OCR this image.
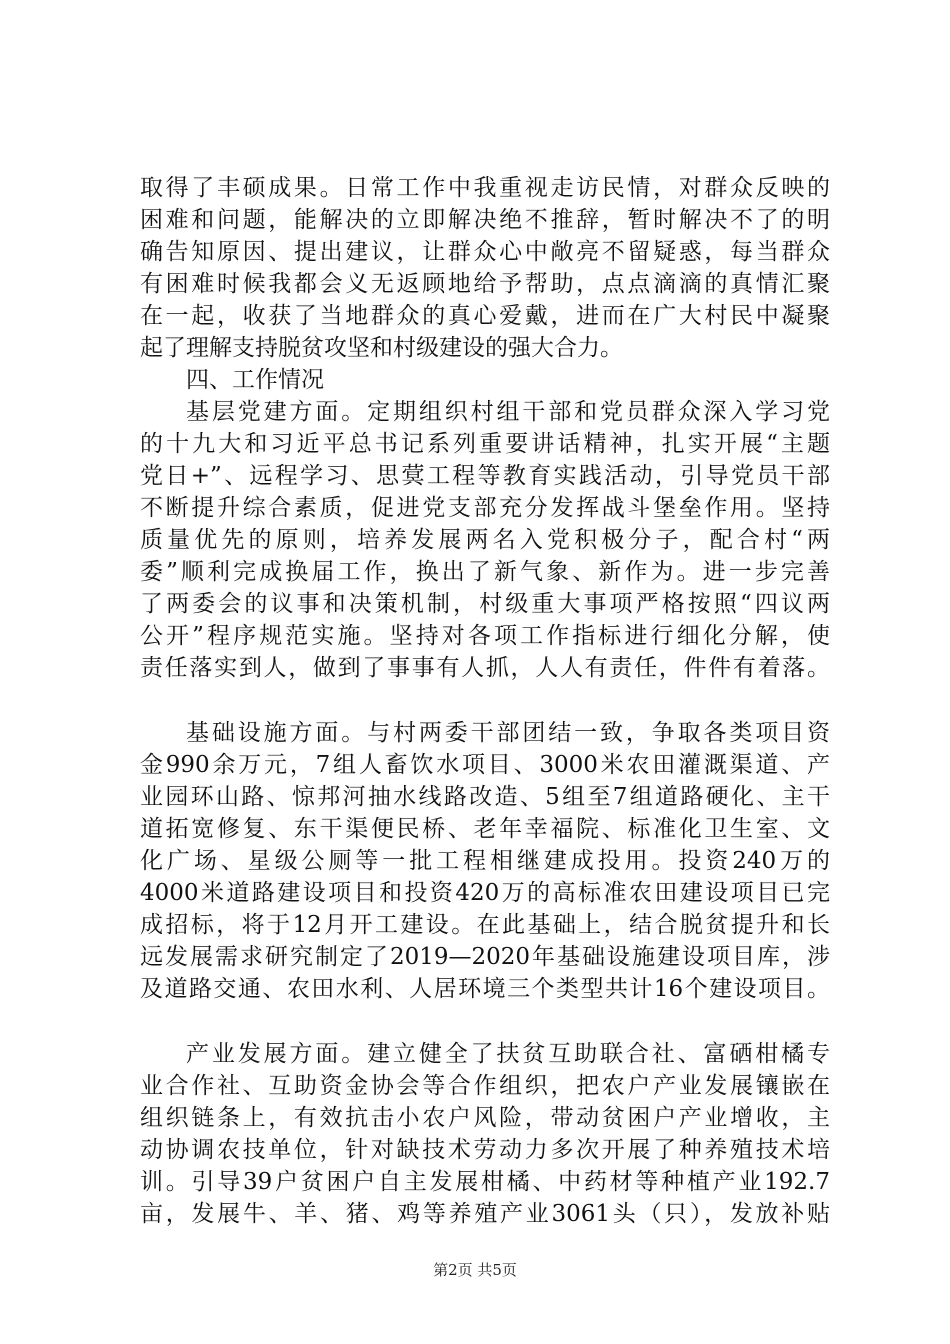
取得了丰硕成果。日常工作中我重视走访民情，对群众反映的
困难和问题，能解决的立即解决绝不推辞，暂时解决不了的明
确告知原因、提出建议，让群众心中敞亮不留疑惑，每当群众
有困难时候我都会义无返顾地给予帮助，点点滴滴的真情汇聚
在一起，收获了当地群众的真心爱戴，进而在广大村民中凝聚
起了理解支持脱贫攻坚和村级建设的强大合力。
四、工作情况
基层党建方面。定期组织村组干部和党员群众深入学习党
的十九大和习近平总书记系列重要讲话精神，扎实开展“主题
党日+”、远程学习、思蓂工程等教育实践活动，引导党员干部
不断提升综合素质，促进党支部充分发挥战斗堡垒作用。坚持
质量优先的原则，培养发展两名入党积极分子，配合村“两
委”顺利完成换届工作，换出了新气象、新作为。进一步完善
了两委会的议事和决策机制，村级重大事项严格按照“四议两
公开”程序规范实施。坚持对各项工作指标进行细化分解，使
责任落实到人，做到了事事有人抓，人人有责任，件件有着落。
基础设施方面。与村两委干部团结一致，争取各类项目资
金990余万元，7组人畜饮水项目、3000米农田灌溉渠道、产
业园环山路、惊邦河抽水线路改造、5组至7组道路硬化、主干
道拓宽修复、东干渠便民桥、老年幸福院、标准化卫生室、文
化广场、星级公厕等一批工程相继建成投用。投资240万的
4000米道路建设项目和投资420万的高标准农田建设项目已完
成招标，将于12月开工建设。在此基础上，结合脱贫提升和长
远发展需求研究制定了2019—2020年基础设施建设项目库，涉
及道路交通、农田水利、人居环境三个类型共计16个建设项目。
产业发展方面。建立健全了扶贫互助联合社、富硒柑橘专
业合作社、互助资金协会等合作组织，把农户产业发展镶嵌在
组织链条上，有效抗击小农户风险，带动贫困户产业增收，主
动协调农技单位，针对缺技术劳动力多次开展了种养殖技术培
训。引导39户贫困户自主发展柑橘、中药材等种植产业192.7
亩，发展牛、羊、猪、鸡等养殖产业3061头（只），发放补贴
第2页 共5页
